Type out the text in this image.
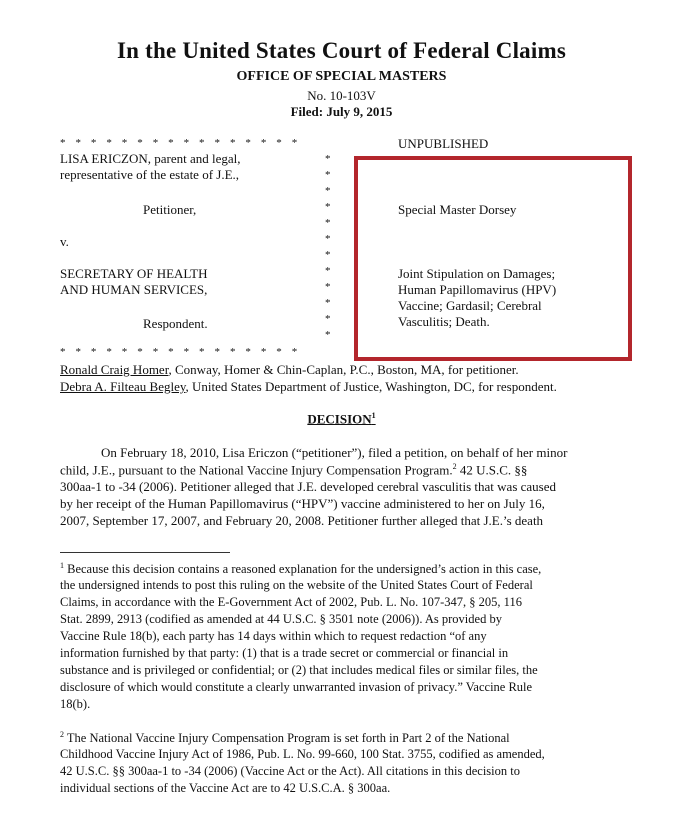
In the United States Court of Federal Claims
OFFICE OF SPECIAL MASTERS
No. 10-103V
Filed: July 9, 2015
* * * * * * * * * * * * * * * *	UNPUBLISHED
LISA ERICZON, parent and legal,
representative of the estate of J.E.,
Petitioner,
v.
SECRETARY OF HEALTH
AND HUMAN SERVICES,
Respondent.
*
*
*
*
*
*
*
*
*
*
*
*
* * * * * * * * * * * * * * * *
Special Master Dorsey
Joint Stipulation on Damages;
Human Papillomavirus (HPV)
Vaccine; Gardasil; Cerebral
Vasculitis; Death.
Ronald Craig Homer, Conway, Homer & Chin-Caplan, P.C., Boston, MA, for petitioner.
Debra A. Filteau Begley, United States Department of Justice, Washington, DC, for respondent.
DECISION$^1$
On February 18, 2010, Lisa Ericzon (“petitioner”), filed a petition, on behalf of her minor
child, J.E., pursuant to the National Vaccine Injury Compensation Program.$^2$ 42 U.S.C. §§
300aa-1 to -34 (2006). Petitioner alleged that J.E. developed cerebral vasculitis that was caused
by her receipt of the Human Papillomavirus (“HPV”) vaccine administered to her on July 16,
2007, September 17, 2007, and February 20, 2008. Petitioner further alleged that J.E.’s death
$^1$ Because this decision contains a reasoned explanation for the undersigned’s action in this case,
the undersigned intends to post this ruling on the website of the United States Court of Federal
Claims, in accordance with the E-Government Act of 2002, Pub. L. No. 107-347, § 205, 116
Stat. 2899, 2913 (codified as amended at 44 U.S.C. § 3501 note (2006)). As provided by
Vaccine Rule 18(b), each party has 14 days within which to request redaction “of any
information furnished by that party: (1) that is a trade secret or commercial or financial in
substance and is privileged or confidential; or (2) that includes medical files or similar files, the
disclosure of which would constitute a clearly unwarranted invasion of privacy.” Vaccine Rule
18(b).
$^2$ The National Vaccine Injury Compensation Program is set forth in Part 2 of the National
Childhood Vaccine Injury Act of 1986, Pub. L. No. 99-660, 100 Stat. 3755, codified as amended,
42 U.S.C. §§ 300aa-1 to -34 (2006) (Vaccine Act or the Act). All citations in this decision to
individual sections of the Vaccine Act are to 42 U.S.C.A. § 300aa.
